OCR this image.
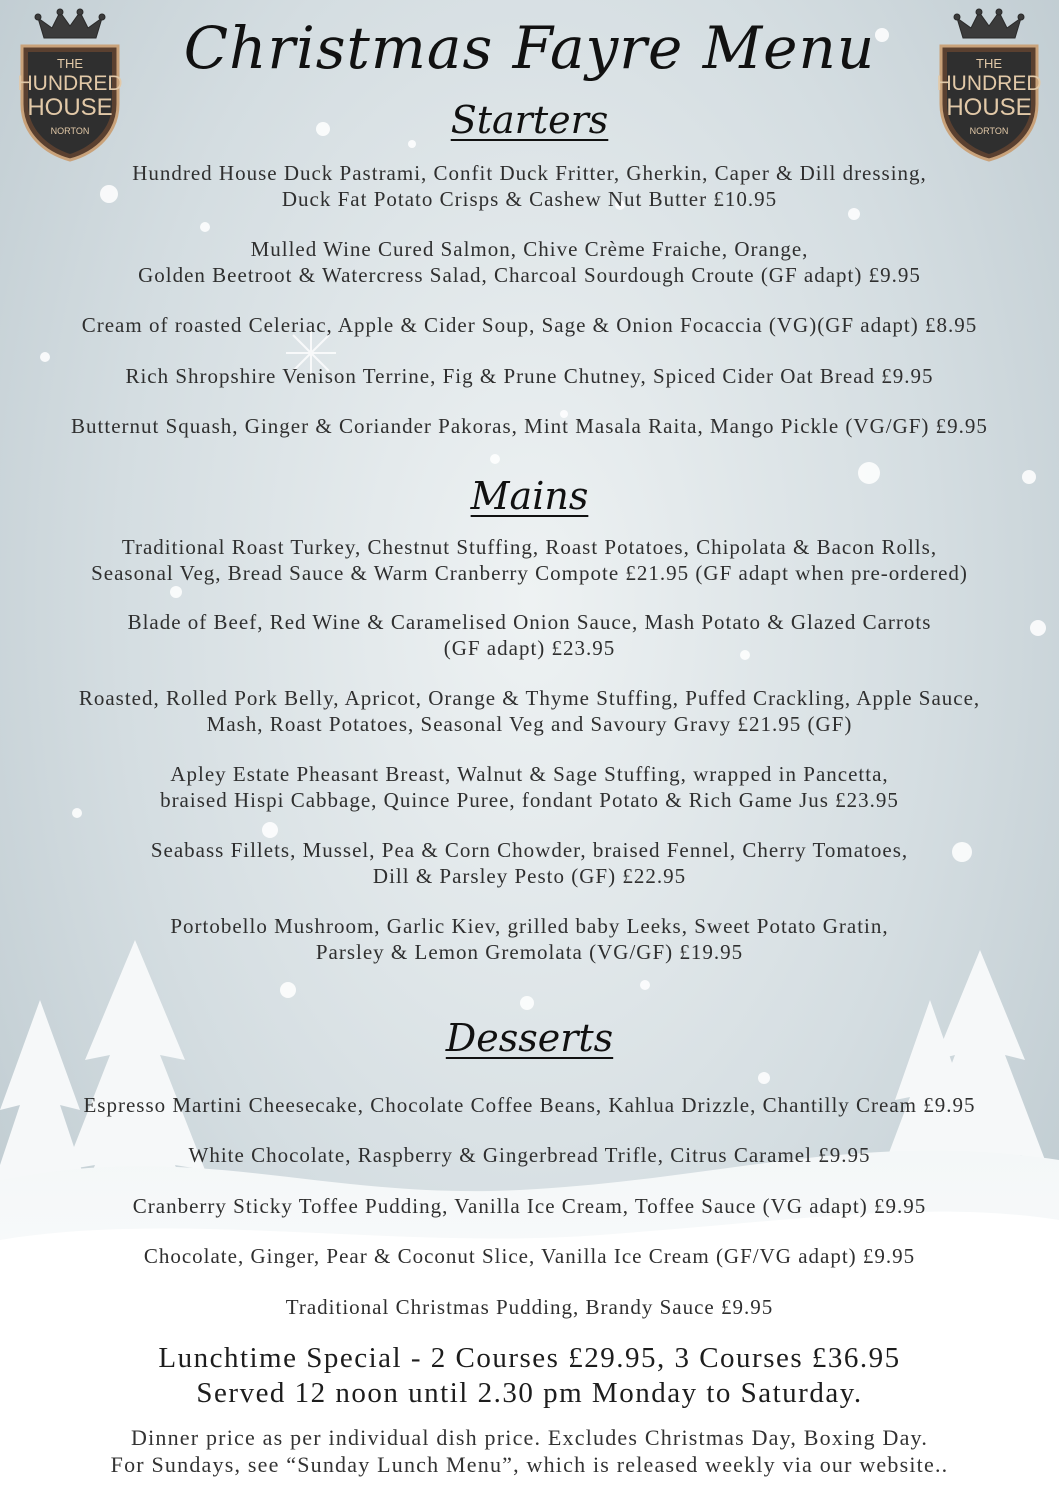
THE
HUNDRED
HOUSE
NORTON
THE
HUNDRED
HOUSE
NORTON
Christmas Fayre Menu
Starters
Hundred House Duck Pastrami, Confit Duck Fritter, Gherkin, Caper & Dill dressing,
Duck Fat Potato Crisps & Cashew Nut Butter £10.95
Mulled Wine Cured Salmon, Chive Crème Fraiche, Orange,
Golden Beetroot & Watercress Salad, Charcoal Sourdough Croute (GF adapt) £9.95
Cream of roasted Celeriac, Apple & Cider Soup, Sage & Onion Focaccia (VG)(GF adapt) £8.95
Rich Shropshire Venison Terrine, Fig & Prune Chutney, Spiced Cider Oat Bread £9.95
Butternut Squash, Ginger & Coriander Pakoras, Mint Masala Raita, Mango Pickle (VG/GF) £9.95
Mains
Traditional Roast Turkey, Chestnut Stuffing, Roast Potatoes, Chipolata & Bacon Rolls,
Seasonal Veg, Bread Sauce & Warm Cranberry Compote £21.95 (GF adapt when pre-ordered)
Blade of Beef, Red Wine & Caramelised Onion Sauce, Mash Potato & Glazed Carrots
(GF adapt) £23.95
Roasted, Rolled Pork Belly, Apricot, Orange & Thyme Stuffing, Puffed Crackling, Apple Sauce,
Mash, Roast Potatoes, Seasonal Veg and Savoury Gravy £21.95 (GF)
Apley Estate Pheasant Breast, Walnut & Sage Stuffing, wrapped in Pancetta,
braised Hispi Cabbage, Quince Puree, fondant Potato & Rich Game Jus £23.95
Seabass Fillets, Mussel, Pea & Corn Chowder, braised Fennel, Cherry Tomatoes,
Dill & Parsley Pesto (GF) £22.95
Portobello Mushroom, Garlic Kiev, grilled baby Leeks, Sweet Potato Gratin,
Parsley & Lemon Gremolata (VG/GF) £19.95
Desserts
Espresso Martini Cheesecake, Chocolate Coffee Beans, Kahlua Drizzle, Chantilly Cream £9.95
White Chocolate, Raspberry & Gingerbread Trifle, Citrus Caramel £9.95
Cranberry Sticky Toffee Pudding, Vanilla Ice Cream, Toffee Sauce (VG adapt) £9.95
Chocolate, Ginger, Pear & Coconut Slice, Vanilla Ice Cream (GF/VG adapt) £9.95
Traditional Christmas Pudding, Brandy Sauce £9.95
Lunchtime Special - 2 Courses £29.95, 3 Courses £36.95
Served 12 noon until 2.30 pm Monday to Saturday.
Dinner price as per individual dish price. Excludes Christmas Day, Boxing Day.
For Sundays, see “Sunday Lunch Menu”, which is released weekly via our website..
